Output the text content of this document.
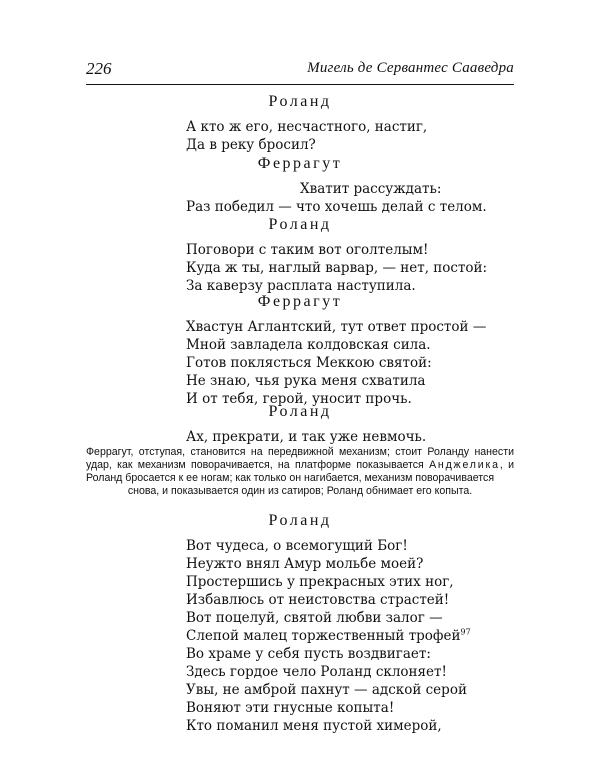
226	Мигель де Сервантес Сааведра
Роланд
А кто ж его, несчастного, настиг,
Да в реку бросил?
Феррагут
Хватит рассуждать:
Раз победил — что хочешь делай с телом.
Роланд
Поговори с таким вот оголтелым!
Куда ж ты, наглый варвар, — нет, постой:
За каверзу расплата наступила.
Феррагут
Хвастун Аглантский, тут ответ простой —
Мной завладела колдовская сила.
Готов поклясться Меккою святой:
Не знаю, чья рука меня схватила
И от тебя, герой, уносит прочь.
Роланд
Ах, прекрати, и так уже невмочь.
Феррагут, отступая, становится на передвижной механизм; стоит Роланду нанести удар, как механизм поворачивается, на платформе показывается Анджелика, и Роланд бросается к ее ногам; как только он нагибается, механизм поворачивается
снова, и показывается один из сатиров; Роланд обнимает его копыта.
Роланд
Вот чудеса, о всемогущий Бог!
Неужто внял Амур мольбе моей?
Простершись у прекрасных этих ног,
Избавлюсь от неистовства страстей!
Вот поцелуй, святой любви залог —
Слепой малец торжественный трофей$^{97}$
Во храме у себя пусть воздвигает:
Здесь гордое чело Роланд склоняет!
Увы, не амброй пахнут — адской серой
Воняют эти гнусные копыта!
Кто поманил меня пустой химерой,
